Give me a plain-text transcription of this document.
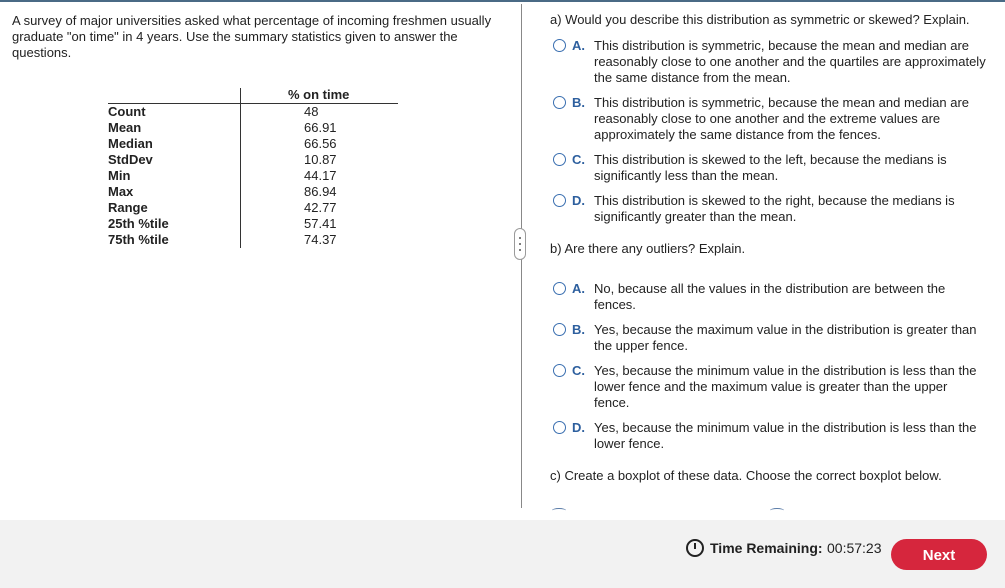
A survey of major universities asked what percentage of incoming freshmen usually graduate "on time" in 4 years. Use the summary statistics given to answer the questions.
% on time
Count	48
Mean	66.91
Median	66.56
StdDev	10.87
Min	44.17
Max	86.94
Range	42.77
25th %tile	57.41
75th %tile	74.37
a) Would you describe this distribution as symmetric or skewed? Explain.
A. This distribution is symmetric, because the mean and median are reasonably close to one another and the quartiles are approximately the same distance from the mean.
B. This distribution is symmetric, because the mean and median are reasonably close to one another and the extreme values are approximately the same distance from the fences.
C. This distribution is skewed to the left, because the medians is significantly less than the mean.
D. This distribution is skewed to the right, because the medians is significantly greater than the mean.
b) Are there any outliers? Explain.
A. No, because all the values in the distribution are between the fences.
B. Yes, because the maximum value in the distribution is greater than the upper fence.
C. Yes, because the minimum value in the distribution is less than the lower fence and the maximum value is greater than the upper fence.
D. Yes, because the minimum value in the distribution is less than the lower fence.
c) Create a boxplot of these data. Choose the correct boxplot below.
Time Remaining: 00:57:23	Next
